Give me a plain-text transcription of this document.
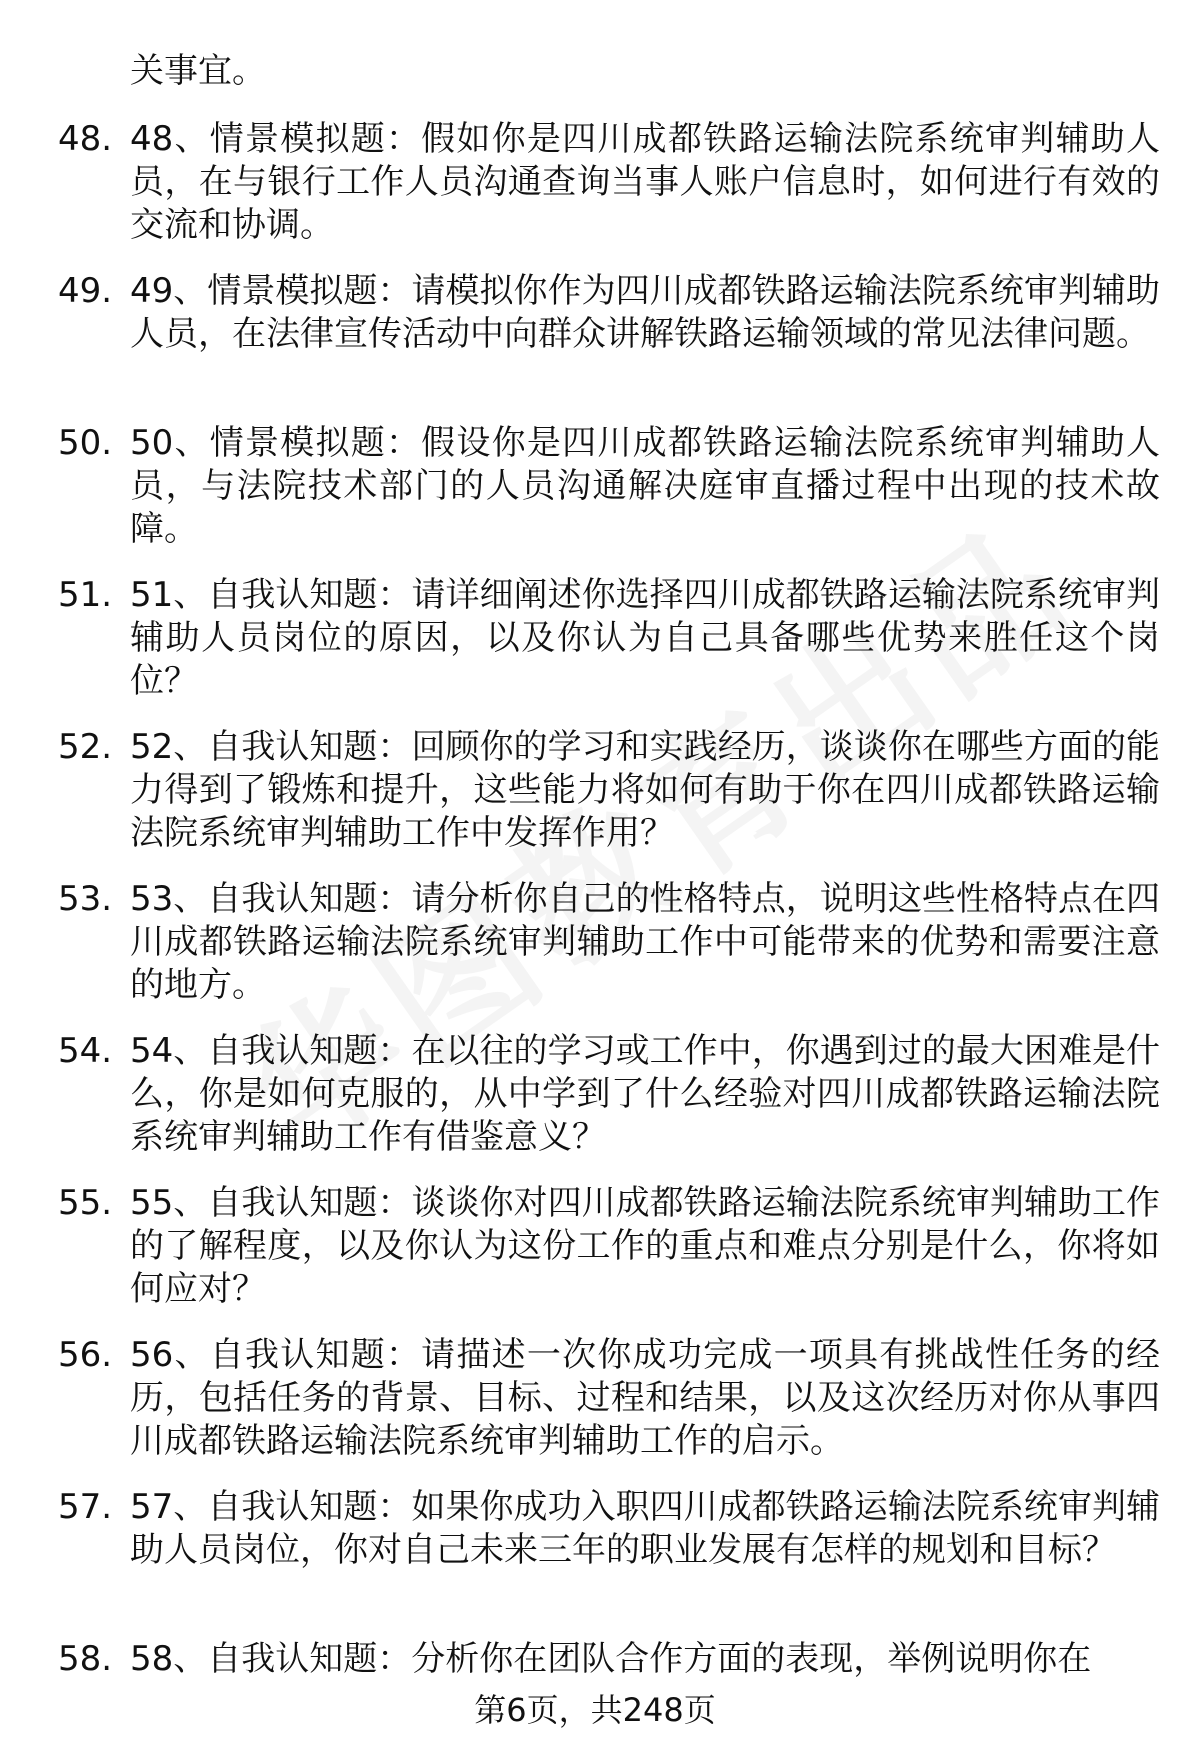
关事宜。
48. 48、情景模拟题：假如你是四川成都铁路运输法院系统审判辅助人员，在与银行工作人员沟通查询当事人账户信息时，如何进行有效的交流和协调。
49. 49、情景模拟题：请模拟你作为四川成都铁路运输法院系统审判辅助人员，在法律宣传活动中向群众讲解铁路运输领域的常见法律问题。
50. 50、情景模拟题：假设你是四川成都铁路运输法院系统审判辅助人员，与法院技术部门的人员沟通解决庭审直播过程中出现的技术故障。
51. 51、自我认知题：请详细阐述你选择四川成都铁路运输法院系统审判辅助人员岗位的原因，以及你认为自己具备哪些优势来胜任这个岗位？
52. 52、自我认知题：回顾你的学习和实践经历，谈谈你在哪些方面的能力得到了锻炼和提升，这些能力将如何有助于你在四川成都铁路运输法院系统审判辅助工作中发挥作用？
53. 53、自我认知题：请分析你自己的性格特点，说明这些性格特点在四川成都铁路运输法院系统审判辅助工作中可能带来的优势和需要注意的地方。
54. 54、自我认知题：在以往的学习或工作中，你遇到过的最大困难是什么，你是如何克服的，从中学到了什么经验对四川成都铁路运输法院系统审判辅助工作有借鉴意义？
55. 55、自我认知题：谈谈你对四川成都铁路运输法院系统审判辅助工作的了解程度，以及你认为这份工作的重点和难点分别是什么，你将如何应对？
56. 56、自我认知题：请描述一次你成功完成一项具有挑战性任务的经历，包括任务的背景、目标、过程和结果，以及这次经历对你从事四川成都铁路运输法院系统审判辅助工作的启示。
57. 57、自我认知题：如果你成功入职四川成都铁路运输法院系统审判辅助人员岗位，你对自己未来三年的职业发展有怎样的规划和目标？
58. 58、自我认知题：分析你在团队合作方面的表现，举例说明你在
第6页，共248页
